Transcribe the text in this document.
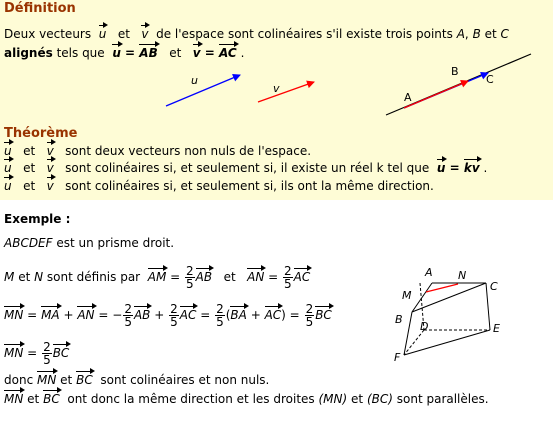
Définition
Deux vecteurs u et v de l'espace sont colinéaires s'il existe trois points A, B et C
alignés tels que u = AB et v = AC .
u
v
A
B
C
Théorème
u et v sont deux vecteurs non nuls de l'espace.
u et v sont colinéaires si, et seulement si, il existe un réel k tel que u = kv .
u et v sont colinéaires si, et seulement si, ils ont la même direction.
Exemple :
ABCDEF est un prisme droit.
M et N sont définis par AM = $\frac{2}{5}$ AB et AN = $\frac{2}{5}$ AC
MN = MA + AN = − $\frac{2}{5}$ AB + $\frac{2}{5}$ AC = $\frac{2}{5} (BA + AC) = \frac{2}{5}$ BC
MN = $\frac{2}{5}$ BC
donc MN et BC sont colinéaires et non nuls.
MN et BC ont donc la même direction et les droites (MN) et (BC) sont parallèles.
A N
M
C
B
D	E
F
